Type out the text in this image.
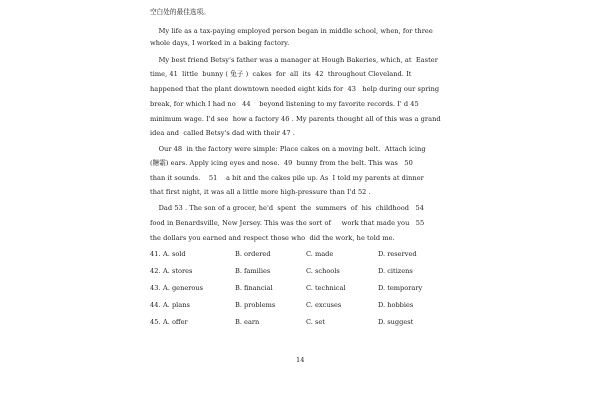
空白处的最佳选项。
My life as a tax-paying employed person began in middle school, when, for three
whole days, I worked in a baking factory.
My best friend Betsy's father was a manager at Hough Bakeries, which, at  Easter
time, 41  little  bunny ( 兔子 )  cakes  for  all  its  42  throughout Cleveland. It
happened that the plant downtown needed eight kids for  43   help during our spring
break, for which I had no   44    beyond listening to my favorite records. I' d 45
minimum wage. I'd see  how a factory 46 . My parents thought all of this was a grand
idea and  called Betsy's dad with their 47 .
Our 48  in the factory were simple: Place cakes on a moving belt.  Attach icing
(糖霜) ears. Apply icing eyes and nose.  49  bunny from the belt. This was   50
than it sounds.    51    a bit and the cakes pile up. As  I told my parents at dinner
that first night, it was all a little more high-pressure than I'd 52 .
Dad 53 . The son of a grocer, he'd  spent  the  summers  of  his  childhood   54
food in Benardsville, New Jersey. This was the sort of     work that made you   55
the dollars you earned and respect those who  did the work, he told me.
41. A. sold	B. ordered	C. made	D. reserved
42. A. stores	B. families	C. schools	D. citizens
43. A. generous	B. financial	C. technical	D. temporary
44. A. plans	B. problems	C. excuses	D. hobbies
45. A. offer	B. earn	C. set	D. suggest
14
